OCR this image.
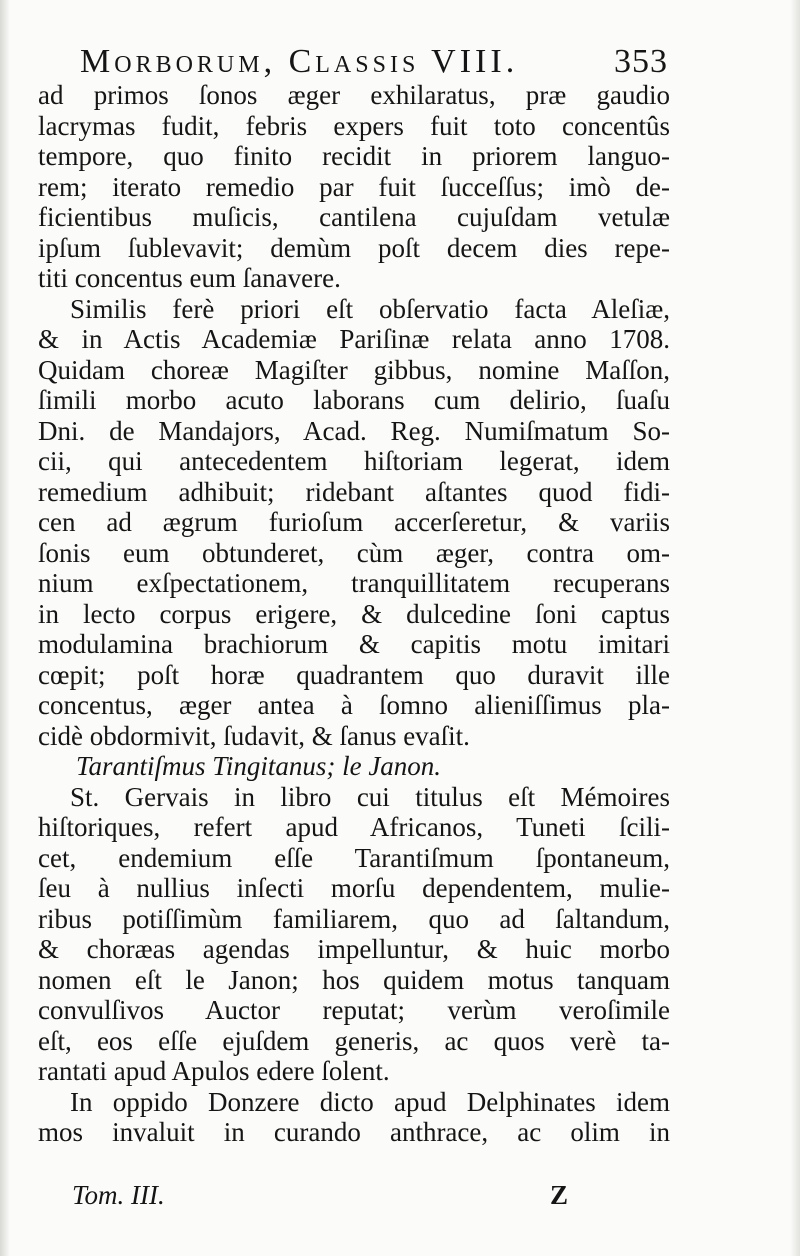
Morborum, Classis VIII.	353
ad primos ſonos æger exhilaratus, præ gaudio
lacrymas fudit, febris expers fuit toto concentûs
tempore, quo finito recidit in priorem languo-
rem; iterato remedio par fuit ſucceſſus; imò de-
ficientibus muſicis, cantilena cujuſdam vetulæ
ipſum ſublevavit; demùm poſt decem dies repe-
titi concentus eum ſanavere.
Similis ferè priori eſt obſervatio facta Aleſiæ,
& in Actis Academiæ Pariſinæ relata anno 1708.
Quidam choreæ Magiſter gibbus, nomine Maſſon,
ſimili morbo acuto laborans cum delirio, ſuaſu
Dni. de Mandajors, Acad. Reg. Numiſmatum So-
cii, qui antecedentem hiſtoriam legerat, idem
remedium adhibuit; ridebant aſtantes quod fidi-
cen ad ægrum furioſum accerſeretur, & variis
ſonis eum obtunderet, cùm æger, contra om-
nium exſpectationem, tranquillitatem recuperans
in lecto corpus erigere, & dulcedine ſoni captus
modulamina brachiorum & capitis motu imitari
cœpit; poſt horæ quadrantem quo duravit ille
concentus, æger antea à ſomno alieniſſimus pla-
cidè obdormivit, ſudavit, & ſanus evaſit.
Tarantiſmus Tingitanus; le Janon.
St. Gervais in libro cui titulus eſt Mémoires
hiſtoriques, refert apud Africanos, Tuneti ſcili-
cet, endemium eſſe Tarantiſmum ſpontaneum,
ſeu à nullius inſecti morſu dependentem, mulie-
ribus potiſſimùm familiarem, quo ad ſaltandum,
& choræas agendas impelluntur, & huic morbo
nomen eſt le Janon; hos quidem motus tanquam
convulſivos Auctor reputat; verùm veroſimile
eſt, eos eſſe ejuſdem generis, ac quos verè ta-
rantati apud Apulos edere ſolent.
In oppido Donzere dicto apud Delphinates idem
mos invaluit in curando anthrace, ac olim in
Tom. III.	Z
